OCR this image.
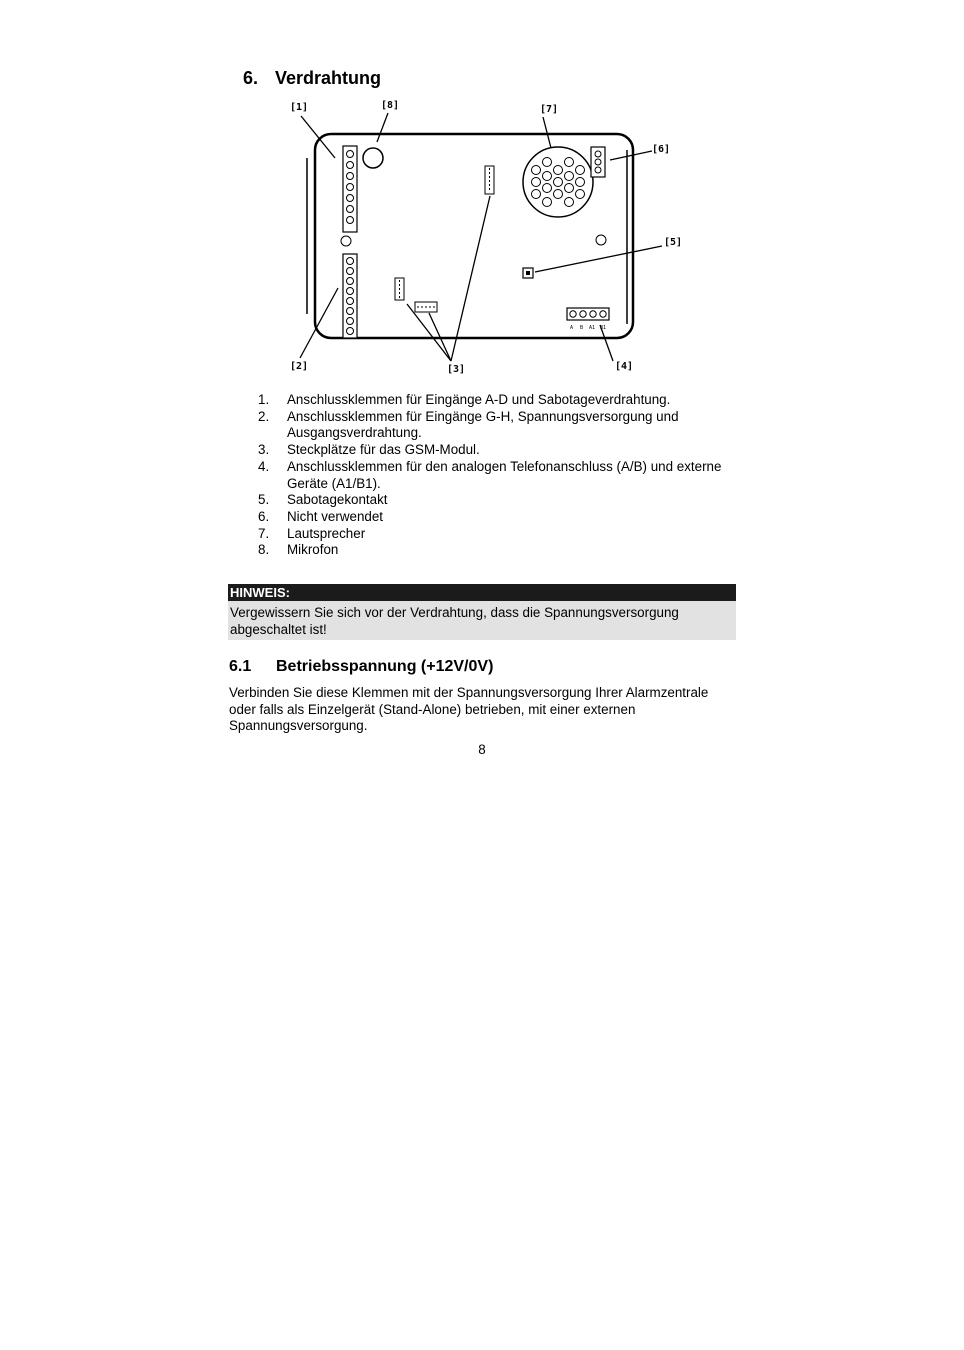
6. Verdrahtung
A B A1 B1
[1]
[2]	[3]	[4]
[5]
[6]
[7]
[8]
1.	Anschlussklemmen für Eingänge A-D und Sabotageverdrahtung.
2.	Anschlussklemmen für Eingänge G-H, Spannungsversorgung und Ausgangsverdrahtung.
3.	Steckplätze für das GSM-Modul.
4.	Anschlussklemmen für den analogen Telefonanschluss (A/B) und externe Geräte (A1/B1).
5.	Sabotagekontakt
6.	Nicht verwendet
7.	Lautsprecher
8.	Mikrofon
HINWEIS:
Vergewissern Sie sich vor der Verdrahtung, dass die Spannungsversorgung abgeschaltet ist!
6.1 Betriebsspannung (+12V/0V)

Verbinden Sie diese Klemmen mit der Spannungsversorgung Ihrer Alarmzentrale oder falls als Einzelgerät (Stand-Alone) betrieben, mit einer externen Spannungsversorgung.

8
